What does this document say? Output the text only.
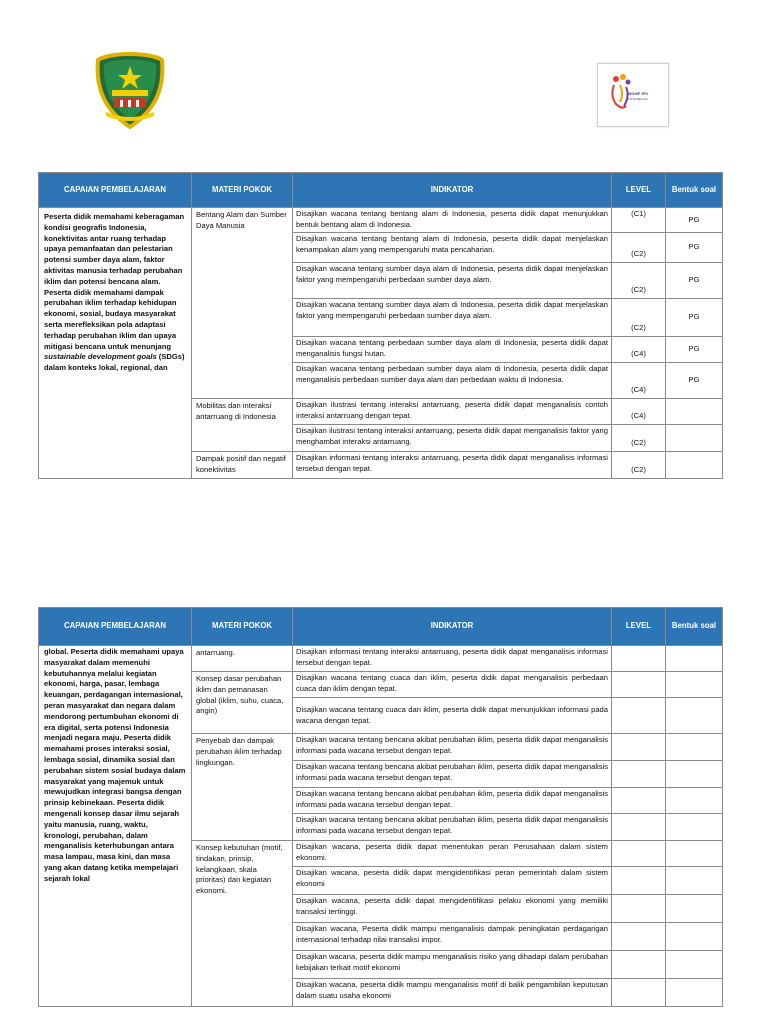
MGMP IPS
KOTA BEKASI
CAPAIAN PEMBELAJARAN	MATERI POKOK	INDIKATOR	LEVEL	Bentuk soal
Peserta didik memahami keberagaman kondisi geografis Indonesia, konektivitas antar ruang terhadap upaya pemanfaatan dan pelestarian potensi sumber daya alam, faktor aktivitas manusia terhadap perubahan iklim dan potensi bencana alam. Peserta didik memahami dampak perubahan iklim terhadap kehidupan ekonomi, sosial, budaya masyarakat serta merefleksikan pola adaptasi terhadap perubahan iklim dan upaya mitigasi bencana untuk menunjang sustainable development goals (SDGs) dalam konteks lokal, regional, dan	Bentang Alam dan Sumber Daya Manusia	Disajikan wacana tentang bentang alam di Indonesia, peserta didik dapat menunjukkan bentuk bentang alam di Indonesia.	(C1)	PG
		Disajikan wacana tentang bentang alam di Indonesia, peserta didik dapat menjelaskan kenampakan alam yang mempengaruhi mata pencaharian.	(C2)	PG
		Disajikan wacana tentang sumber daya alam di Indonesia, peserta didik dapat menjelaskan faktor yang mempengaruhi perbedaan sumber daya alam.	(C2)	PG
		Disajikan wacana tentang sumber daya alam di Indonesia, peserta didik dapat menjelaskan faktor yang mempengaruhi perbedaan sumber daya alam.	(C2)	PG
		Disajikan wacana tentang perbedaan sumber daya alam di Indonesia, peserta didik dapat menganalisis fungsi hutan.	(C4)	PG
		Disajikan wacana tentang perbedaan sumber daya alam di Indonesia, peserta didik dapat menganalisis perbedaan sumber daya alam dan perbedaan waktu di Indonesia.	(C4)	PG
	Mobilitas dan interaksi antarruang di Indonesia	Disajikan ilustrasi tentang interaksi antarruang, peserta didik dapat menganalisis contoh interaksi antarruang dengan tepat.	(C4)	
		Disajikan ilustrasi tentang interaksi antarruang, peserta didik dapat menganalisis faktor yang menghambat interaksi antarruang.	(C2)	
	Dampak positif dan negatif konektivitas	Disajikan informasi tentang interaksi antarruang, peserta didik dapat menganalisis informasi tersebut dengan tepat.	(C2)	
CAPAIAN PEMBELAJARAN	MATERI POKOK	INDIKATOR	LEVEL	Bentuk soal
global. Peserta didik memahami upaya masyarakat dalam memenuhi kebutuhannya melalui kegiatan ekonomi, harga, pasar, lembaga keuangan, perdagangan internasional, peran masyarakat dan negara dalam mendorong pertumbuhan ekonomi di era digital, serta potensi Indonesia menjadi negara maju. Peserta didik memahami proses interaksi sosial, lembaga sosial, dinamika sosial dan perubahan sistem sosial budaya dalam masyarakat yang majemuk untuk mewujudkan integrasi bangsa dengan prinsip kebinekaan. Peserta didik mengenali konsep dasar ilmu sejarah yaitu manusia, ruang, waktu, kronologi, perubahan, dalam menganalisis keterhubungan antara masa lampau, masa kini, dan masa yang akan datang ketika mempelajari sejarah lokal	antarruang.	Disajikan informasi tentang interaksi antarruang, peserta didik dapat menganalisis informasi tersebut dengan tepat.		
	Konsep dasar perubahan iklim dan pemanasan global (iklim, suhu, cuaca, angin)	Disajikan wacana tentang cuaca dan iklim, peserta didik dapat menganalisis perbedaan cuaca dan iklim dengan tepat.		
		Disajikan wacana tentang cuaca dan iklim, peserta didik dapat menunjukkan informasi pada wacana dengan tepat.		
	Penyebab dan dampak perubahan iklim terhadap lingkungan.	Disajikan wacana tentang bencana akibat perubahan iklim, peserta didik dapat menganalisis informasi pada wacana tersebut dengan tepat.		
		Disajikan wacana tentang bencana akibat perubahan iklim, peserta didik dapat menganalisis informasi pada wacana tersebut dengan tepat.		
		Disajikan wacana tentang bencana akibat perubahan iklim, peserta didik dapat menganalisis informasi pada wacana tersebut dengan tepat.		
		Disajikan wacana tentang bencana akibat perubahan iklim, peserta didik dapat menganalisis informasi pada wacana tersebut dengan tepat.		
	Konsep kebutuhan (motif, tindakan, prinsip, kelangkaan, skala prioritas) dan kegiatan ekonomi.	Disajikan wacana, peserta didik dapat menentukan peran Perusahaan dalam sistem ekonomi.		
		Disajikan wacana, peserta didik dapat mengidentifikasi peran pemerintah dalam sistem ekonomi		
		Disajikan wacana, peserta didik dapat mengidentifikasi pelaku ekonomi yang memiliki transaksi tertinggi.		
		Disajikan wacana, Peserta didik mampu menganalisis dampak peningkatan perdagangan internasional terhadap nilai transaksi impor.		
		Disajikan wacana, peserta didik mampu menganalisis risiko yang dihadapi dalam perubahan kebijakan terkait motif ekonomi		
		Disajikan wacana, peserta didik mampu menganalisis motif di balik pengambilan keputusan dalam suatu usaha ekonomi		
